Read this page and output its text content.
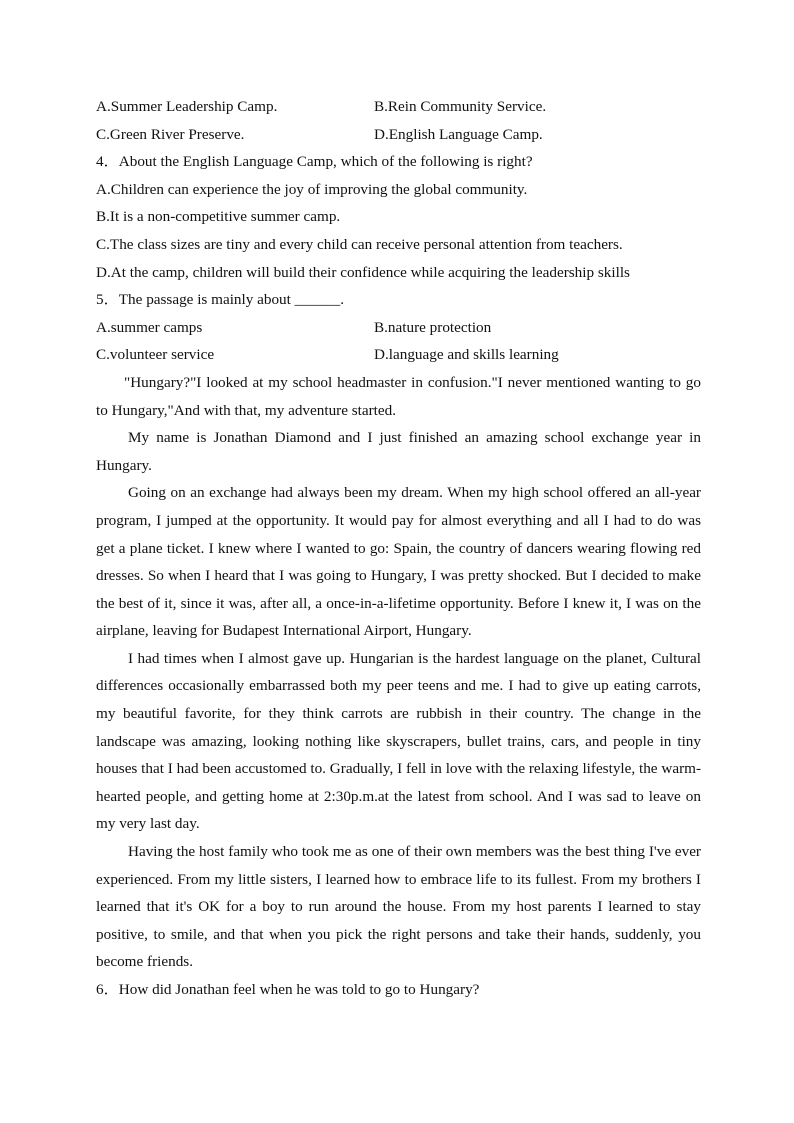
A.Summer Leadership Camp.	B.Rein Community Service.
C.Green River Preserve.	D.English Language Camp.
4．About the English Language Camp, which of the following is right?
A.Children can experience the joy of improving the global community.
B.It is a non-competitive summer camp.
C.The class sizes are tiny and every child can receive personal attention from teachers.
D.At the camp, children will build their confidence while acquiring the leadership skills
5．The passage is mainly about ______.
A.summer camps	B.nature protection
C.volunteer service	D.language and skills learning

"Hungary?"I looked at my school headmaster in confusion."I never mentioned wanting to go to Hungary,"And with that, my adventure started.

My name is Jonathan Diamond and I just finished an amazing school exchange year in Hungary.

Going on an exchange had always been my dream. When my high school offered an all-year program, I jumped at the opportunity. It would pay for almost everything and all I had to do was get a plane ticket. I knew where I wanted to go: Spain, the country of dancers wearing flowing red dresses. So when I heard that I was going to Hungary, I was pretty shocked. But I decided to make the best of it, since it was, after all, a once-in-a-lifetime opportunity. Before I knew it, I was on the airplane, leaving for Budapest International Airport, Hungary.

I had times when I almost gave up. Hungarian is the hardest language on the planet, Cultural differences occasionally embarrassed both my peer teens and me. I had to give up eating carrots, my beautiful favorite, for they think carrots are rubbish in their country. The change in the landscape was amazing, looking nothing like skyscrapers, bullet trains, cars, and people in tiny houses that I had been accustomed to. Gradually, I fell in love with the relaxing lifestyle, the warm-hearted people, and getting home at 2:30p.m.at the latest from school. And I was sad to leave on my very last day.

Having the host family who took me as one of their own members was the best thing I've ever experienced. From my little sisters, I learned how to embrace life to its fullest. From my brothers I learned that it's OK for a boy to run around the house. From my host parents I learned to stay positive, to smile, and that when you pick the right persons and take their hands, suddenly, you become friends.

6．How did Jonathan feel when he was told to go to Hungary?
